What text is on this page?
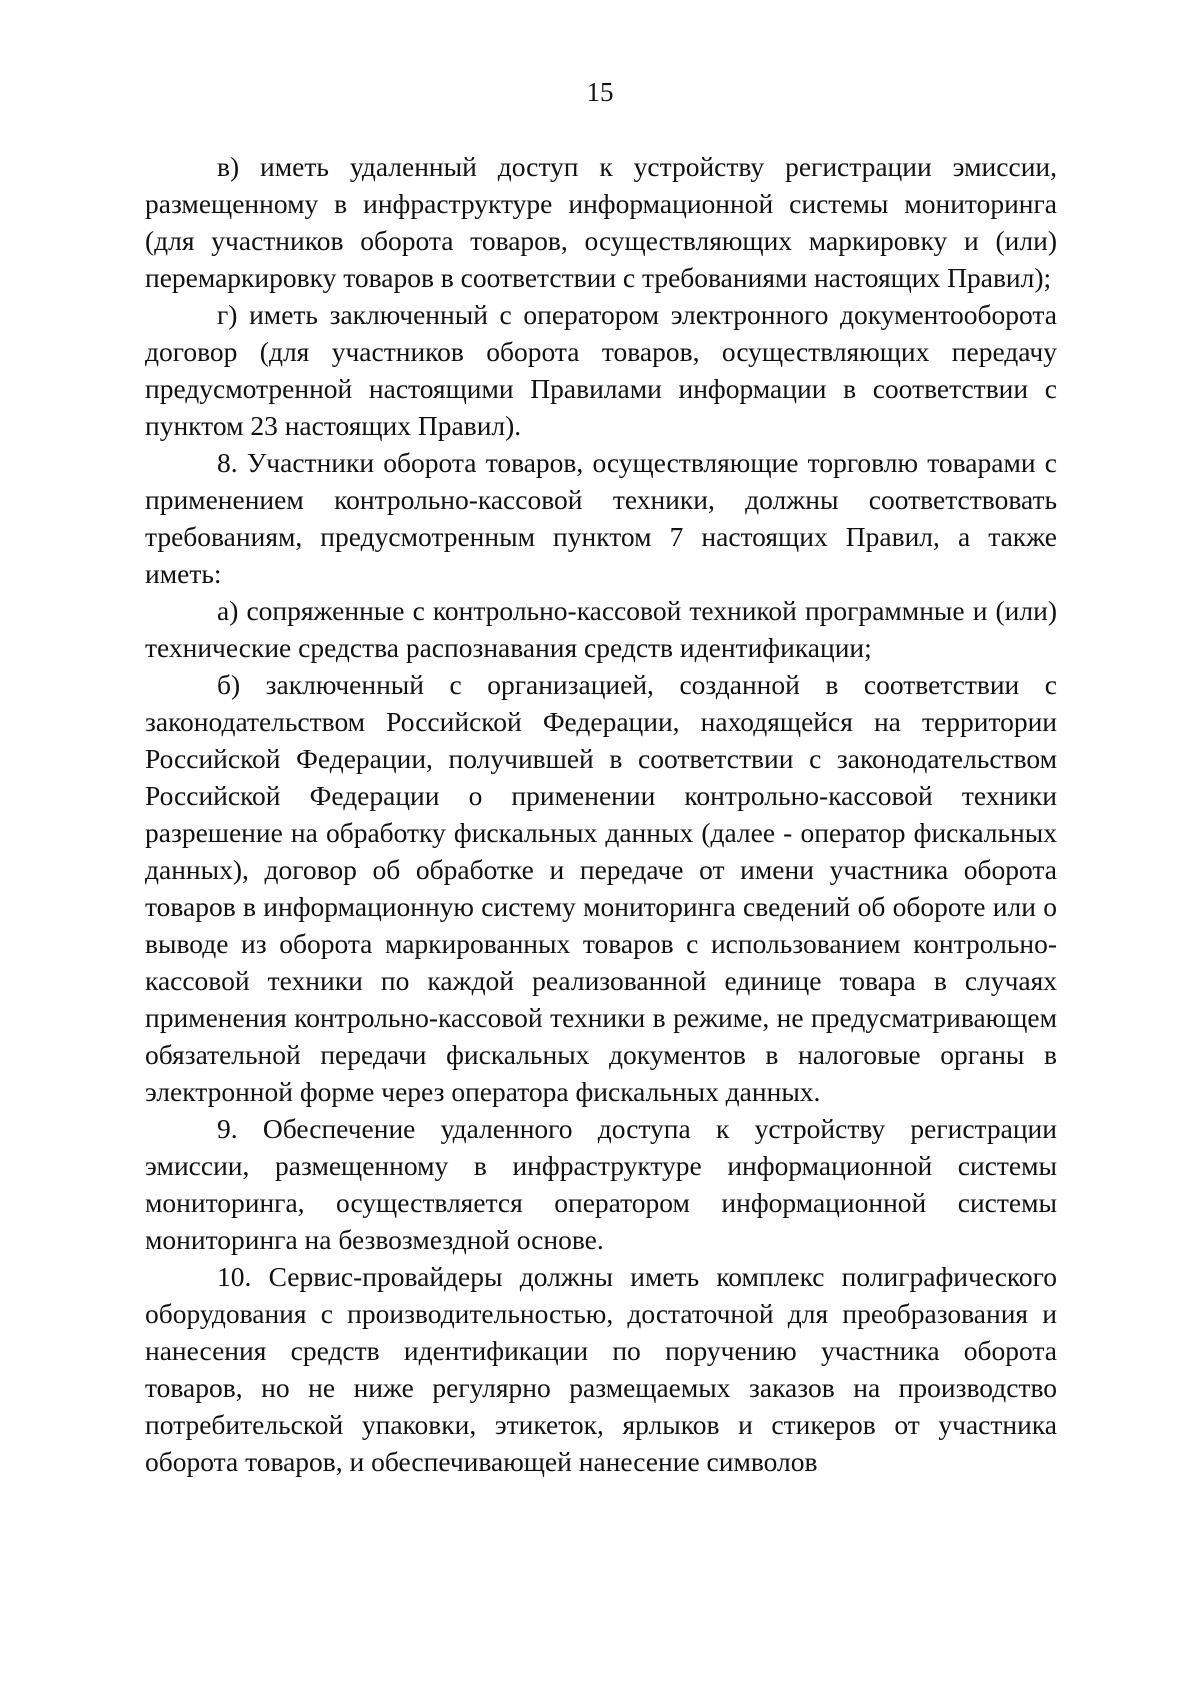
15

в) иметь удаленный доступ к устройству регистрации эмиссии, размещенному в инфраструктуре информационной системы мониторинга (для участников оборота товаров, осуществляющих маркировку и (или) перемаркировку товаров в соответствии с требованиями настоящих Правил);

г) иметь заключенный с оператором электронного документооборота договор (для участников оборота товаров, осуществляющих передачу предусмотренной настоящими Правилами информации в соответствии с пунктом 23 настоящих Правил).

8. Участники оборота товаров, осуществляющие торговлю товарами с применением контрольно-кассовой техники, должны соответствовать требованиям, предусмотренным пунктом 7 настоящих Правил, а также иметь:

а) сопряженные с контрольно-кассовой техникой программные и (или) технические средства распознавания средств идентификации;

б) заключенный с организацией, созданной в соответствии с законодательством Российской Федерации, находящейся на территории Российской Федерации, получившей в соответствии с законодательством Российской Федерации о применении контрольно-кассовой техники разрешение на обработку фискальных данных (далее - оператор фискальных данных), договор об обработке и передаче от имени участника оборота товаров в информационную систему мониторинга сведений об обороте или о выводе из оборота маркированных товаров с использованием контрольно-кассовой техники по каждой реализованной единице товара в случаях применения контрольно-кассовой техники в режиме, не предусматривающем обязательной передачи фискальных документов в налоговые органы в электронной форме через оператора фискальных данных.

9. Обеспечение удаленного доступа к устройству регистрации эмиссии, размещенному в инфраструктуре информационной системы мониторинга, осуществляется оператором информационной системы мониторинга на безвозмездной основе.

10. Сервис-провайдеры должны иметь комплекс полиграфического оборудования с производительностью, достаточной для преобразования и нанесения средств идентификации по поручению участника оборота товаров, но не ниже регулярно размещаемых заказов на производство потребительской упаковки, этикеток, ярлыков и стикеров от участника оборота товаров, и обеспечивающей нанесение символов
